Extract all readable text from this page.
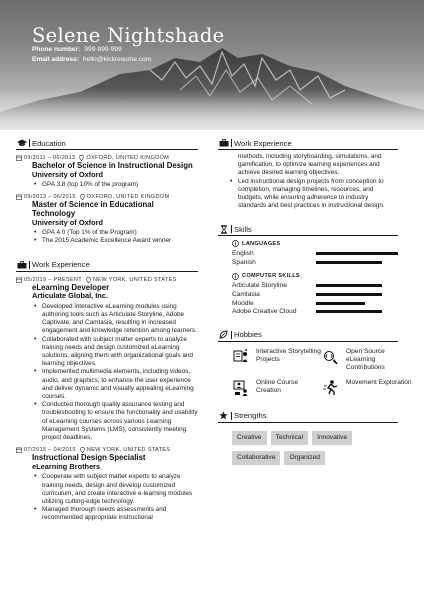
Selene Nightshade
Phone number: 999-999-999
Email address: hello@kickresume.com
Education
09/2011 – 06/2013 OXFORD, UNITED KINGDOM
Bachelor of Science in Instructional Design
University of Oxford
• GPA 3.8 (top 10% of the program)
09/2013 – 06/2015 OXFORD, UNITED KINGDOM
Master of Science in Educational Technology
University of Oxford
• GPA 4.0 (Top 1% of the Program)
• The 2015 Academic Excellence Award winner
Work Experience
05/2019 – PRESENT NEW YORK, UNITED STATES
eLearning Developer
Articulate Global, Inc.
• Developed interactive eLearning modules using authoring tools such as Articulate Storyline, Adobe Captivate, and Camtasia, resulting in increased engagement and knowledge retention among learners.
• Collaborated with subject matter experts to analyze training needs and design customized eLearning solutions, aligning them with organizational goals and learning objectives.
• Implemented multimedia elements, including videos, audio, and graphics, to enhance the user experience and deliver dynamic and visually appealing eLearning courses.
• Conducted thorough quality assurance testing and troubleshooting to ensure the functionality and usability of eLearning courses across various Learning Management Systems (LMS), consistently meeting project deadlines.
07/2015 – 04/2019 NEW YORK, UNITED STATES
Instructional Design Specialist
eLearning Brothers
• Cooperate with subject matter experts to analyze training needs, design and develop customized curriculum, and create interactive e-learning modules utilizing cutting-edge technology.
• Managed thorough needs assessments and recommended appropriate instructional
Work Experience
methods, including storyboarding, simulations, and gamification, to optimize learning experiences and achieve desired learning objectives.
• Led instructional design projects from conception to completion, managing timelines, resources, and budgets, while ensuring adherence to industry standards and best practices in instructional design.
Skills
LANGUAGES
English
Spanish
COMPUTER SKILLS
Articulate Storyline
Camtasia
Moodle
Adobe Creative Cloud
Hobbies
Interactive Storytelling Projects
Open Source eLearning Contributions
Online Course Creation
Movement Exploration
Strengths
Creative	Technical	Innovative
Collaborative	Organized
